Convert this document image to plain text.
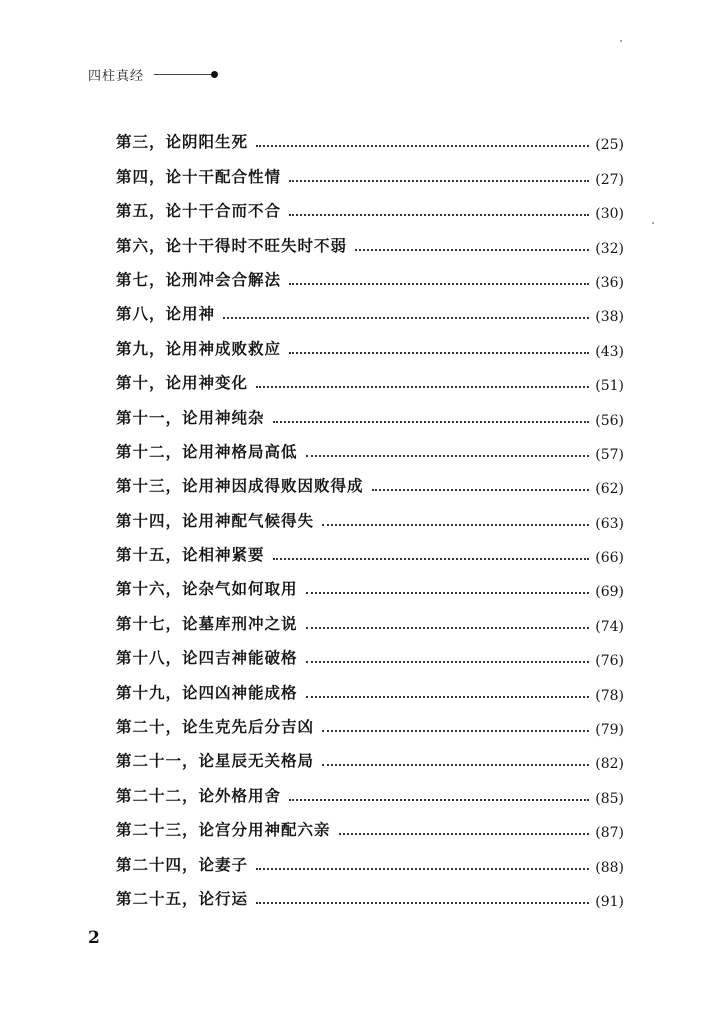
四柱真经
第三，论阴阳生死	(25)
第四，论十干配合性情	(27)
第五，论十干合而不合	(30)
第六，论十干得时不旺失时不弱	(32)
第七，论刑冲会合解法	(36)
第八，论用神	(38)
第九，论用神成败救应	(43)
第十，论用神变化	(51)
第十一，论用神纯杂	(56)
第十二，论用神格局高低	(57)
第十三，论用神因成得败因败得成	(62)
第十四，论用神配气候得失	(63)
第十五，论相神紧要	(66)
第十六，论杂气如何取用	(69)
第十七，论墓库刑冲之说	(74)
第十八，论四吉神能破格	(76)
第十九，论四凶神能成格	(78)
第二十，论生克先后分吉凶	(79)
第二十一，论星辰无关格局	(82)
第二十二，论外格用舍	(85)
第二十三，论宫分用神配六亲	(87)
第二十四，论妻子	(88)
第二十五，论行运	(91)
2
